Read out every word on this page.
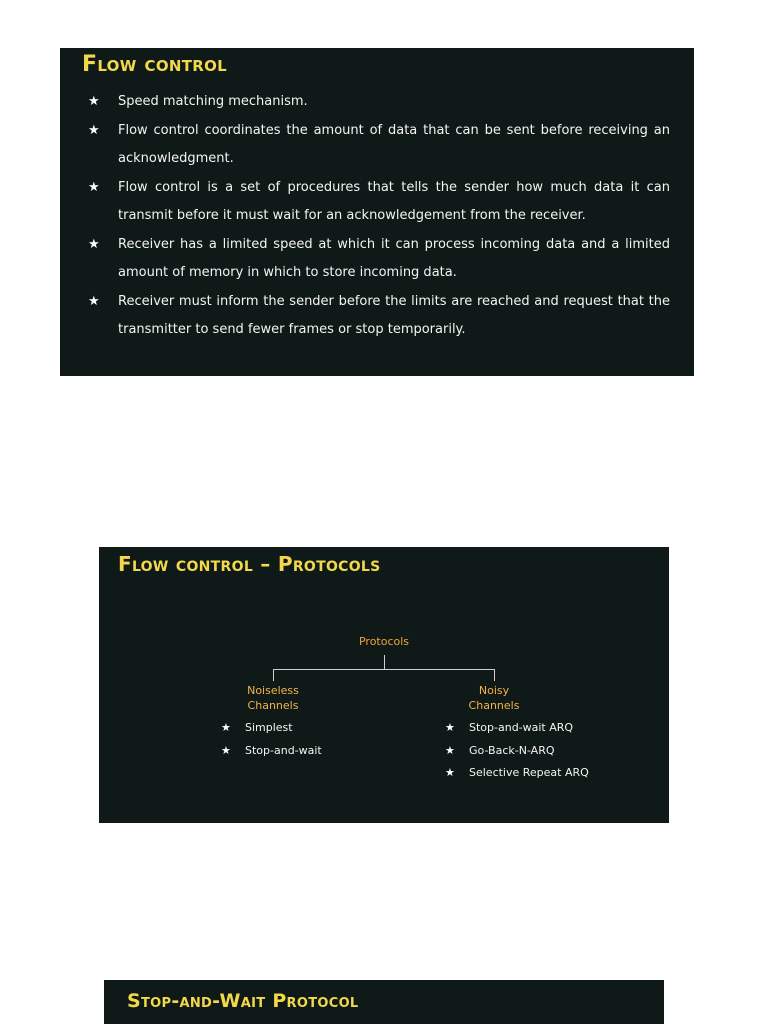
Flow control
★ Speed matching mechanism.
★ Flow control coordinates the amount of data that can be sent before receiving an acknowledgment.
★ Flow control is a set of procedures that tells the sender how much data it can transmit before it must wait for an acknowledgement from the receiver.
★ Receiver has a limited speed at which it can process incoming data and a limited amount of memory in which to store incoming data.
★ Receiver must inform the sender before the limits are reached and request that the transmitter to send fewer frames or stop temporarily.
Flow control – Protocols
Protocols
Noiseless
Channels
Noisy
Channels
★ Simplest
★ Stop-and-wait
★ Stop-and-wait ARQ
★ Go-Back-N-ARQ
★ Selective Repeat ARQ
Stop-and-Wait Protocol
